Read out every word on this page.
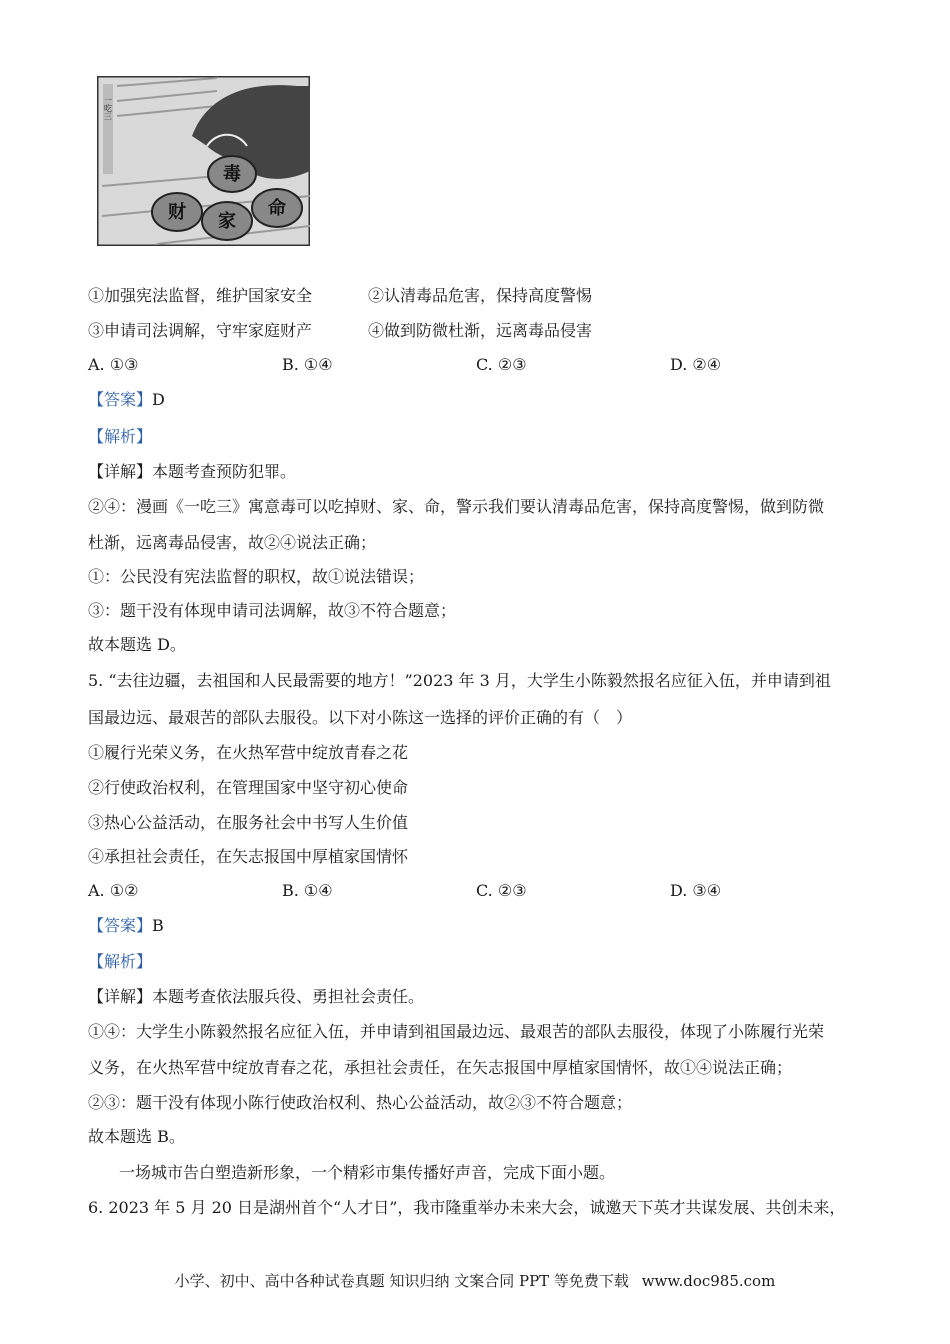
一吃三
毒
财 家
命
①加强宪法监督，维护国家安全	②认清毒品危害，保持高度警惕
③申请司法调解，守牢家庭财产	④做到防微杜渐，远离毒品侵害
A. ①③	B. ①④	C. ②③	D. ②④
【答案】D
【解析】
【详解】本题考查预防犯罪。
②④：漫画《一吃三》寓意毒可以吃掉财、家、命，警示我们要认清毒品危害，保持高度警惕，做到防微
杜渐，远离毒品侵害，故②④说法正确；
①：公民没有宪法监督的职权，故①说法错误；
③：题干没有体现申请司法调解，故③不符合题意；
故本题选 D。
5. “去往边疆，去祖国和人民最需要的地方！”2023 年 3 月，大学生小陈毅然报名应征入伍，并申请到祖
国最边远、最艰苦的部队去服役。以下对小陈这一选择的评价正确的有（　）
①履行光荣义务，在火热军营中绽放青春之花
②行使政治权利，在管理国家中坚守初心使命
③热心公益活动，在服务社会中书写人生价值
④承担社会责任，在矢志报国中厚植家国情怀
A. ①②	B. ①④	C. ②③	D. ③④
【答案】B
【解析】
【详解】本题考查依法服兵役、勇担社会责任。
①④：大学生小陈毅然报名应征入伍，并申请到祖国最边远、最艰苦的部队去服役，体现了小陈履行光荣
义务，在火热军营中绽放青春之花，承担社会责任，在矢志报国中厚植家国情怀，故①④说法正确；
②③：题干没有体现小陈行使政治权利、热心公益活动，故②③不符合题意；
故本题选 B。
一场城市告白塑造新形象，一个精彩市集传播好声音，完成下面小题。
6. 2023 年 5 月 20 日是湖州首个“人才日”，我市隆重举办未来大会，诚邀天下英才共谋发展、共创未来，
小学、初中、高中各种试卷真题 知识归纳 文案合同 PPT 等免费下载 www.doc985.com
